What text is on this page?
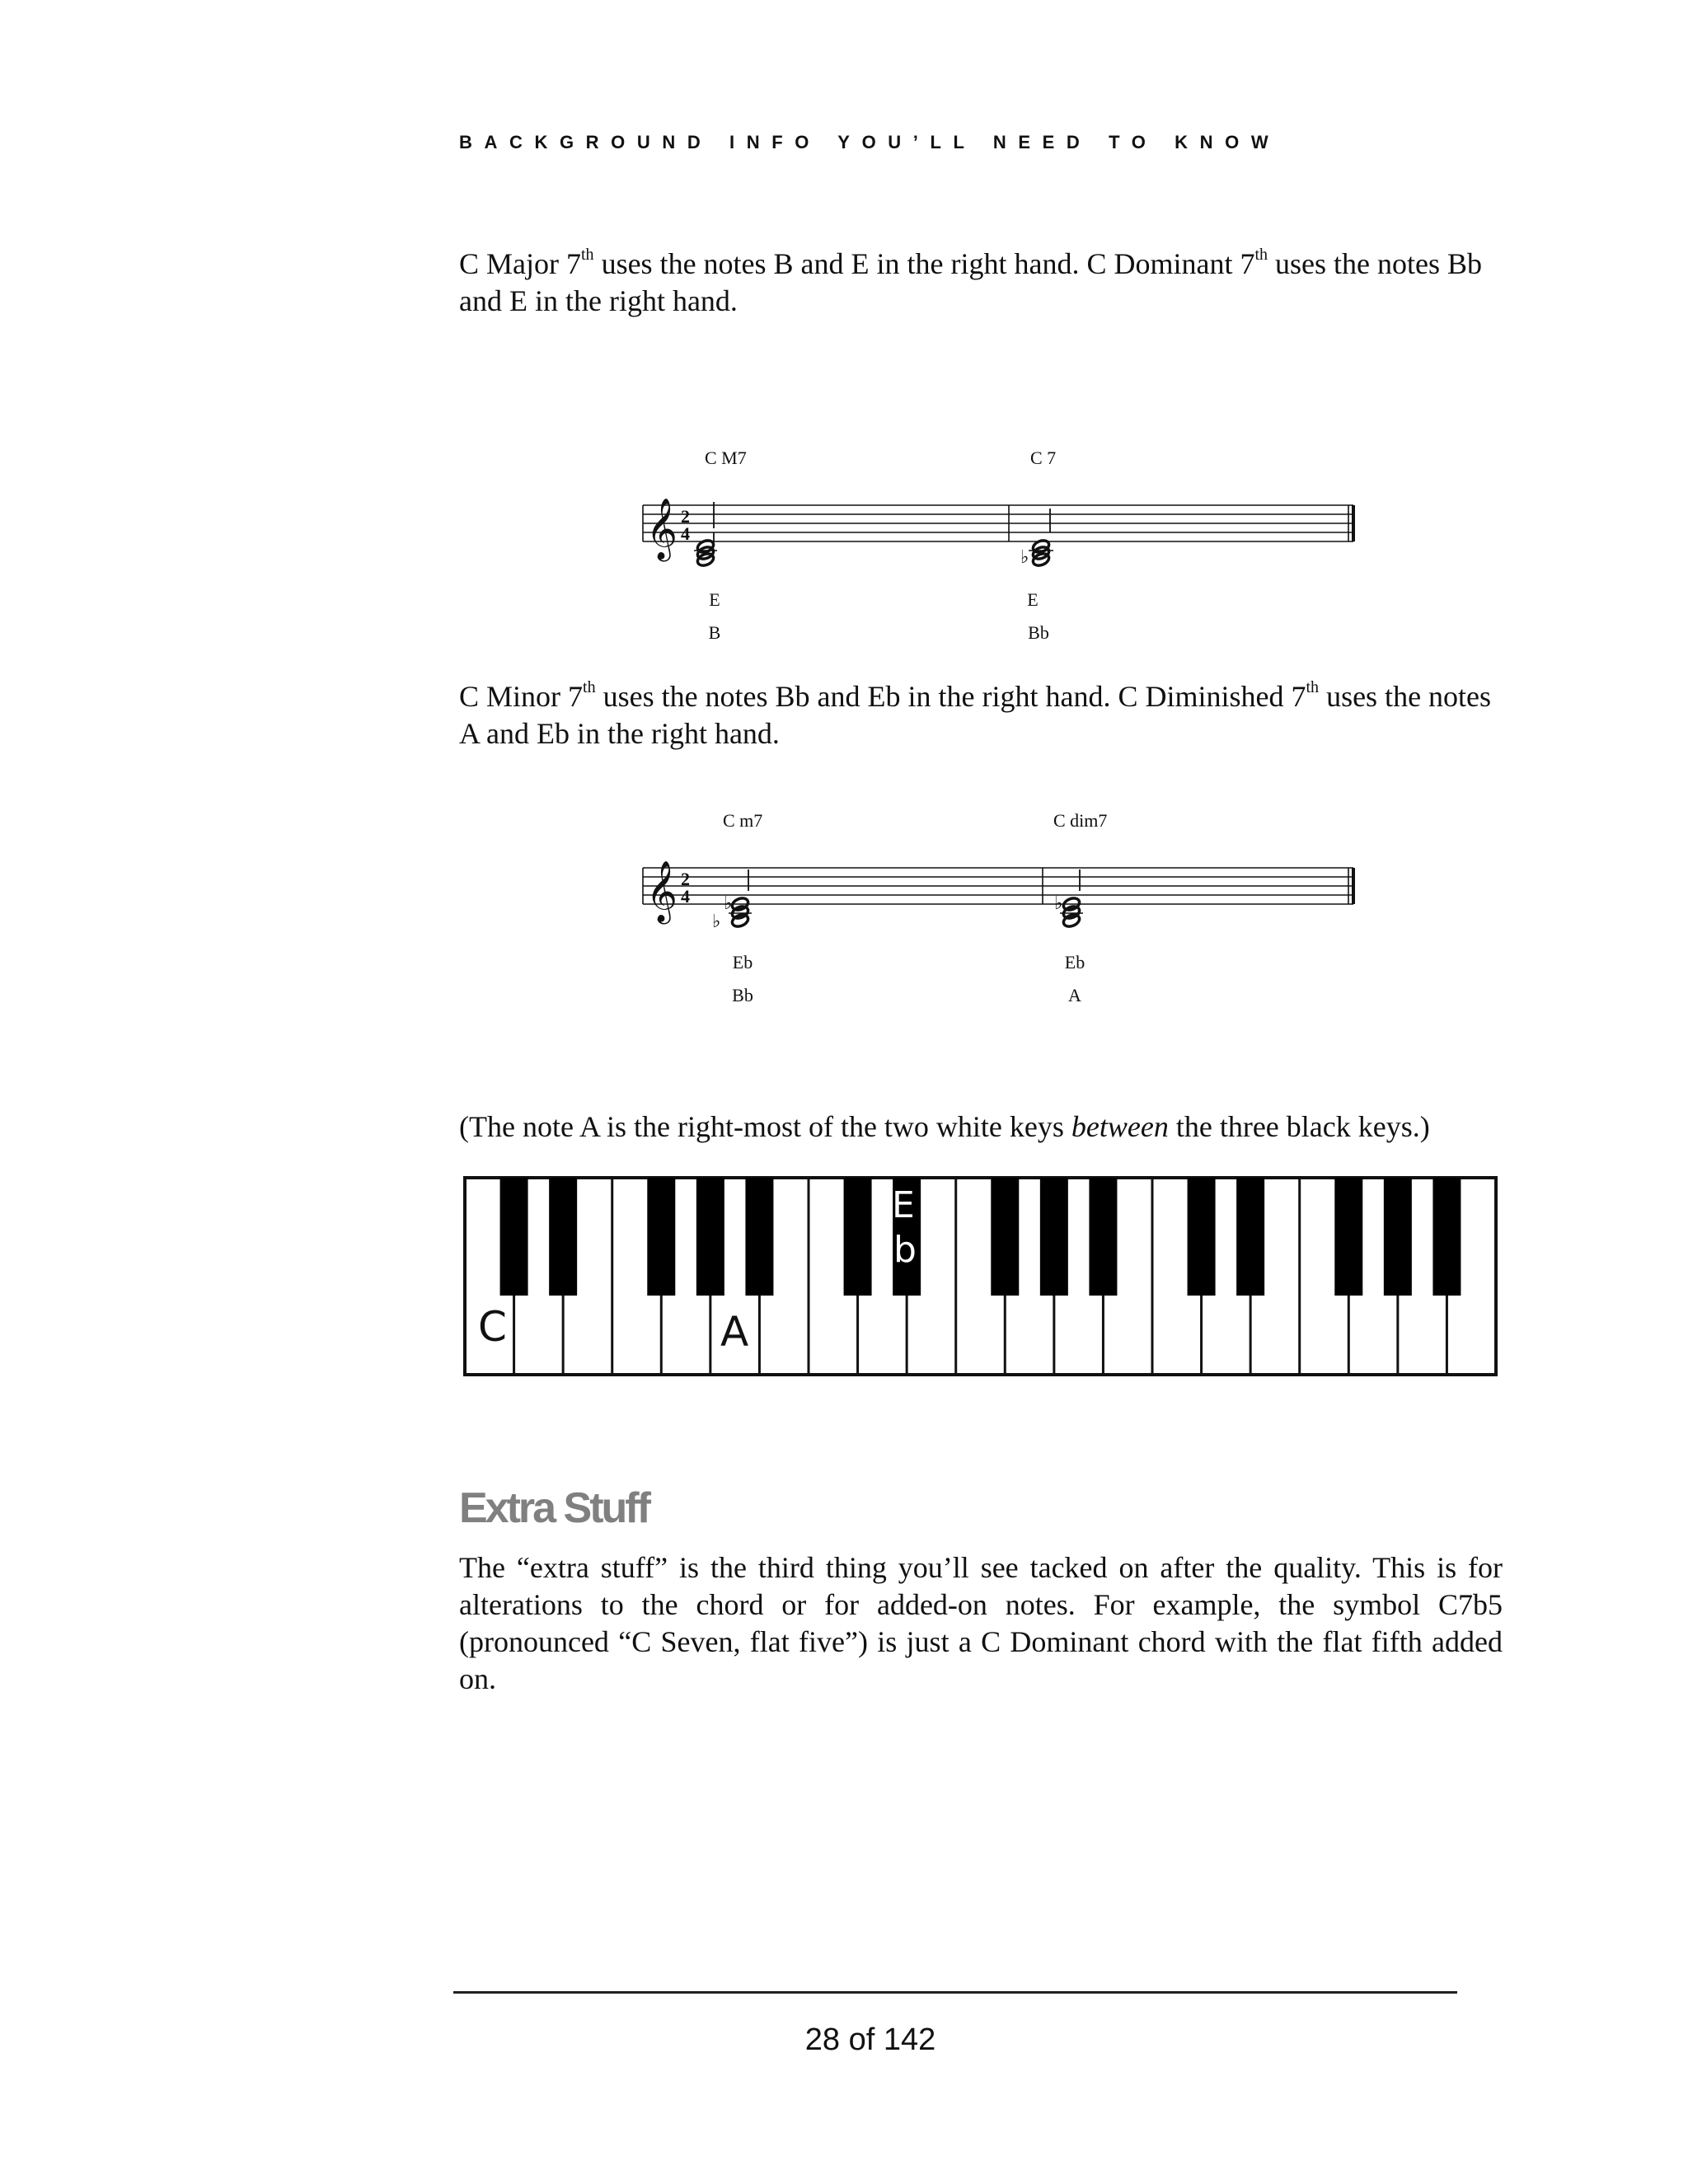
BACKGROUND INFO YOU’LL NEED TO KNOW
C Major 7th uses the notes B and E in the right hand. C Dominant 7th uses the notes Bb and E in the right hand.
𝄞 2
4
♭
C M7	C 7
E
B
E
Bb
C Minor 7th uses the notes Bb and Eb in the right hand. C Diminished 7th uses the notes A and Eb in the right hand.
𝄞 2
4
♭
♭	♭
C m7	C dim7
Eb
Bb
Eb
A
(The note A is the right-most of the two white keys between the three black keys.)
C	A
E
b
Extra Stuff
The “extra stuff” is the third thing you’ll see tacked on after the quality. This is for alterations to the chord or for added-on notes. For example, the symbol C7b5 (pronounced “C Seven, flat five”) is just a C Dominant chord with the flat fifth added on.
28 of 142
